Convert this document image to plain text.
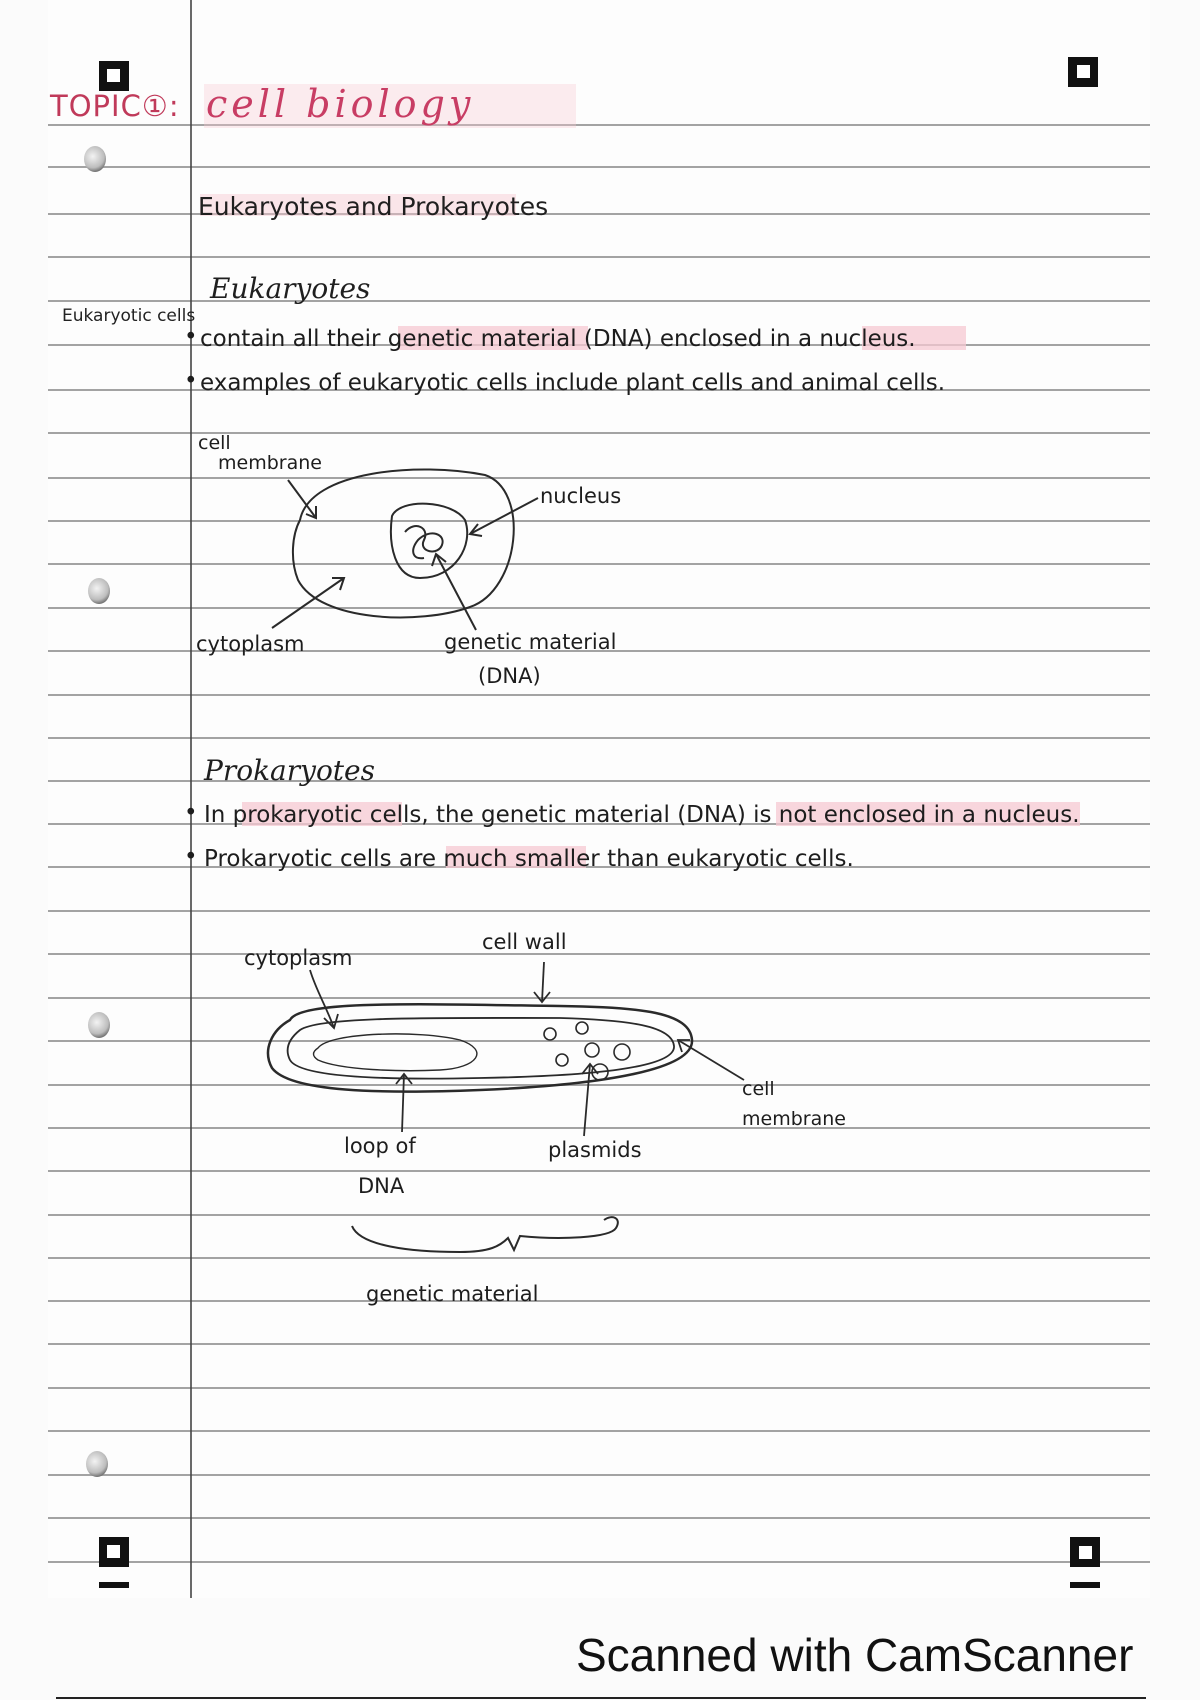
TOPIC①: cell biology
Eukaryotes and Prokaryotes
Eukaryotes
Eukaryotic cells
• contain all their genetic material (DNA) enclosed in a nucleus.
• examples of eukaryotic cells include plant cells and animal cells.
cell
membrane
nucleus
cytoplasm	genetic material
(DNA)
Prokaryotes
• In prokaryotic cells, the genetic material (DNA) is not enclosed in a nucleus.
• Prokaryotic cells are much smaller than eukaryotic cells.
cytoplasm
cell wall
cell
membrane
loop of
DNA
plasmids
genetic material
Scanned with CamScanner
